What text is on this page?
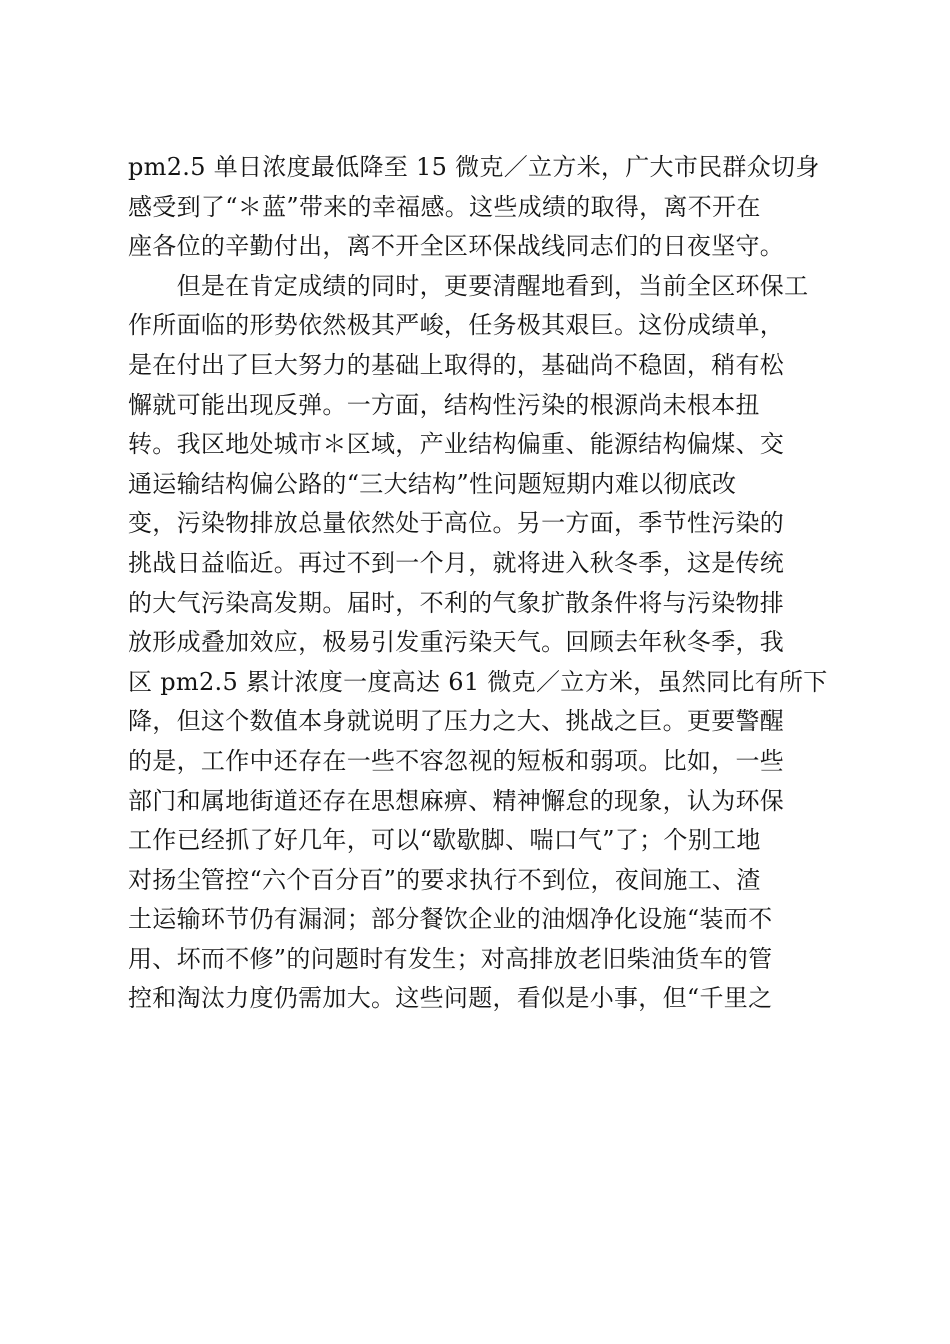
pm2.5 单日浓度最低降至 15 微克／立方米，广大市民群众切身
感受到了“＊蓝”带来的幸福感。这些成绩的取得，离不开在
座各位的辛勤付出，离不开全区环保战线同志们的日夜坚守。
　　但是在肯定成绩的同时，更要清醒地看到，当前全区环保工
作所面临的形势依然极其严峻，任务极其艰巨。这份成绩单，
是在付出了巨大努力的基础上取得的，基础尚不稳固，稍有松
懈就可能出现反弹。一方面，结构性污染的根源尚未根本扭
转。我区地处城市＊区域，产业结构偏重、能源结构偏煤、交
通运输结构偏公路的“三大结构”性问题短期内难以彻底改
变，污染物排放总量依然处于高位。另一方面，季节性污染的
挑战日益临近。再过不到一个月，就将进入秋冬季，这是传统
的大气污染高发期。届时，不利的气象扩散条件将与污染物排
放形成叠加效应，极易引发重污染天气。回顾去年秋冬季，我
区 pm2.5 累计浓度一度高达 61 微克／立方米，虽然同比有所下
降，但这个数值本身就说明了压力之大、挑战之巨。更要警醒
的是，工作中还存在一些不容忽视的短板和弱项。比如，一些
部门和属地街道还存在思想麻痹、精神懈怠的现象，认为环保
工作已经抓了好几年，可以“歇歇脚、喘口气”了；个别工地
对扬尘管控“六个百分百”的要求执行不到位，夜间施工、渣
土运输环节仍有漏洞；部分餐饮企业的油烟净化设施“装而不
用、坏而不修”的问题时有发生；对高排放老旧柴油货车的管
控和淘汰力度仍需加大。这些问题，看似是小事，但“千里之
